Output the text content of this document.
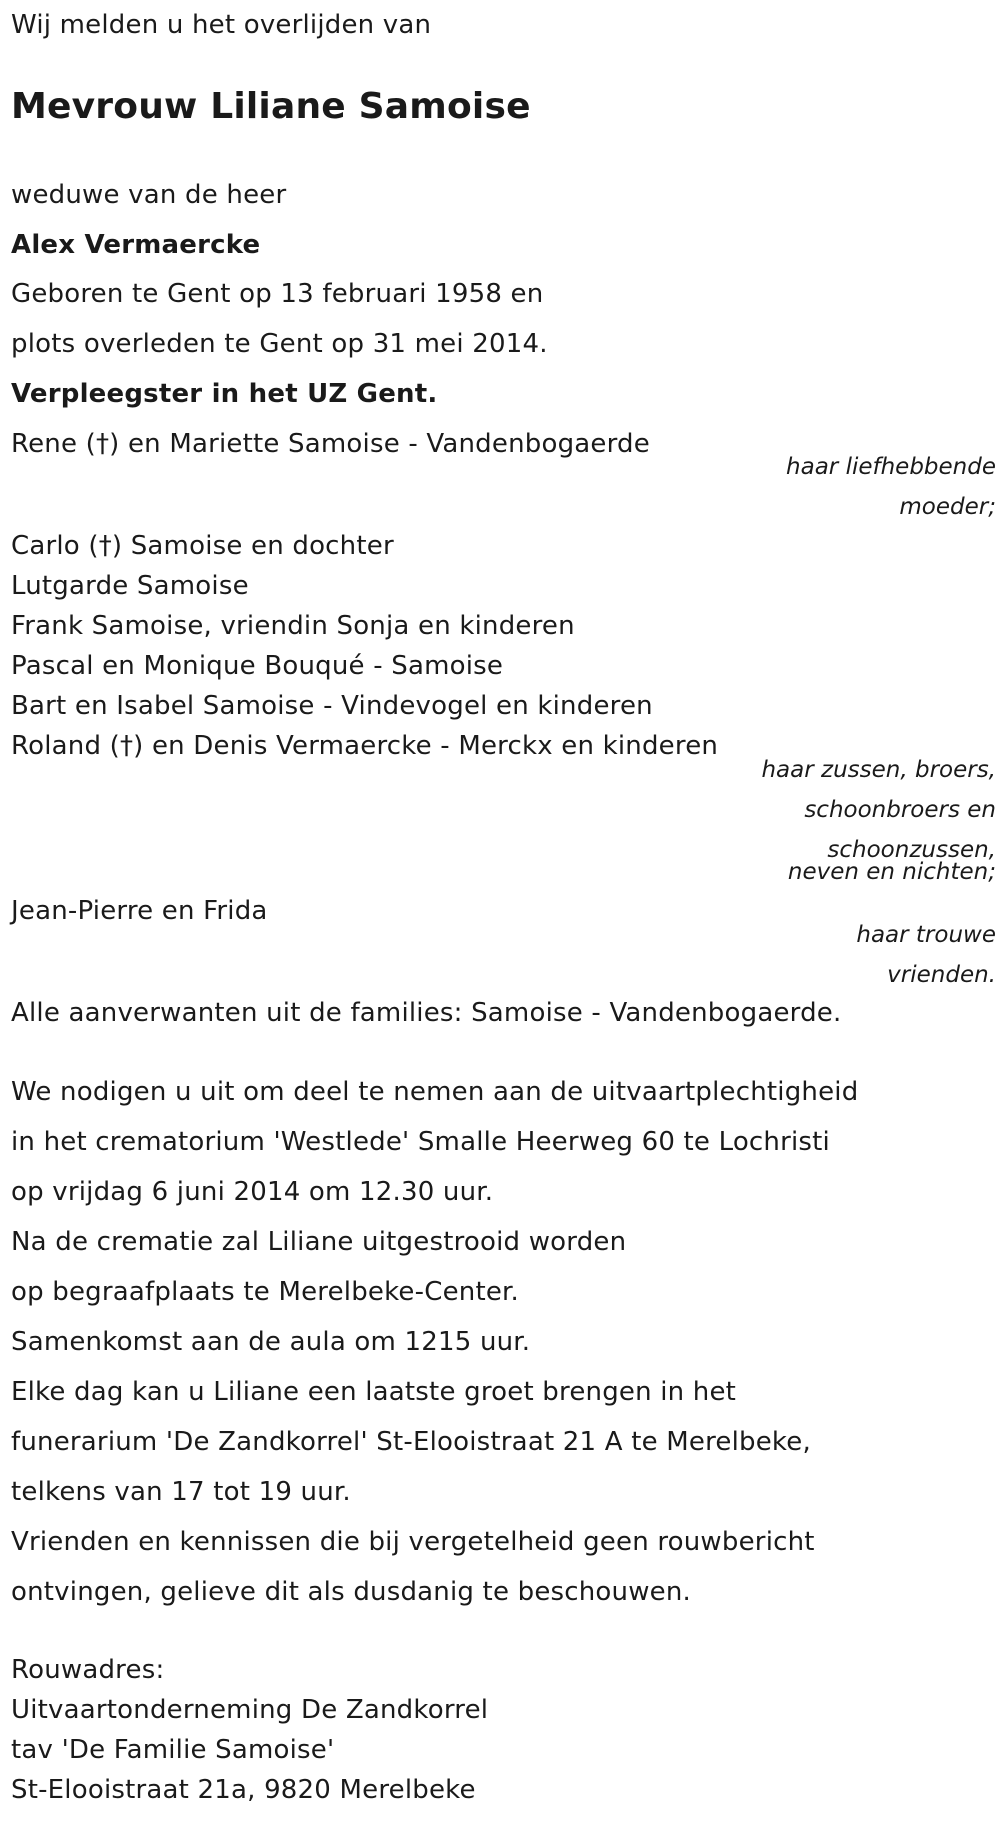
Wij melden u het overlijden van
Mevrouw Liliane Samoise
weduwe van de heer
Alex Vermaercke
Geboren te Gent op 13 februari 1958 en
plots overleden te Gent op 31 mei 2014.
Verpleegster in het UZ Gent.
Rene (†) en Mariette Samoise - Vandenbogaerde
haar liefhebbende
moeder;
Carlo (†) Samoise en dochter
Lutgarde Samoise
Frank Samoise, vriendin Sonja en kinderen
Pascal en Monique Bouqué - Samoise
Bart en Isabel Samoise - Vindevogel en kinderen
Roland (†) en Denis Vermaercke - Merckx en kinderen
haar zussen, broers,
schoonbroers en
schoonzussen,
neven en nichten;
Jean-Pierre en Frida
haar trouwe
vrienden.
Alle aanverwanten uit de families: Samoise - Vandenbogaerde.
We nodigen u uit om deel te nemen aan de uitvaartplechtigheid
in het crematorium 'Westlede' Smalle Heerweg 60 te Lochristi
op vrijdag 6 juni 2014 om 12.30 uur.
Na de crematie zal Liliane uitgestrooid worden
op begraafplaats te Merelbeke-Center.
Samenkomst aan de aula om 1215 uur.
Elke dag kan u Liliane een laatste groet brengen in het
funerarium 'De Zandkorrel' St-Elooistraat 21 A te Merelbeke,
telkens van 17 tot 19 uur.
Vrienden en kennissen die bij vergetelheid geen rouwbericht
ontvingen, gelieve dit als dusdanig te beschouwen.
Rouwadres:
Uitvaartonderneming De Zandkorrel
tav 'De Familie Samoise'
St-Elooistraat 21a, 9820 Merelbeke
